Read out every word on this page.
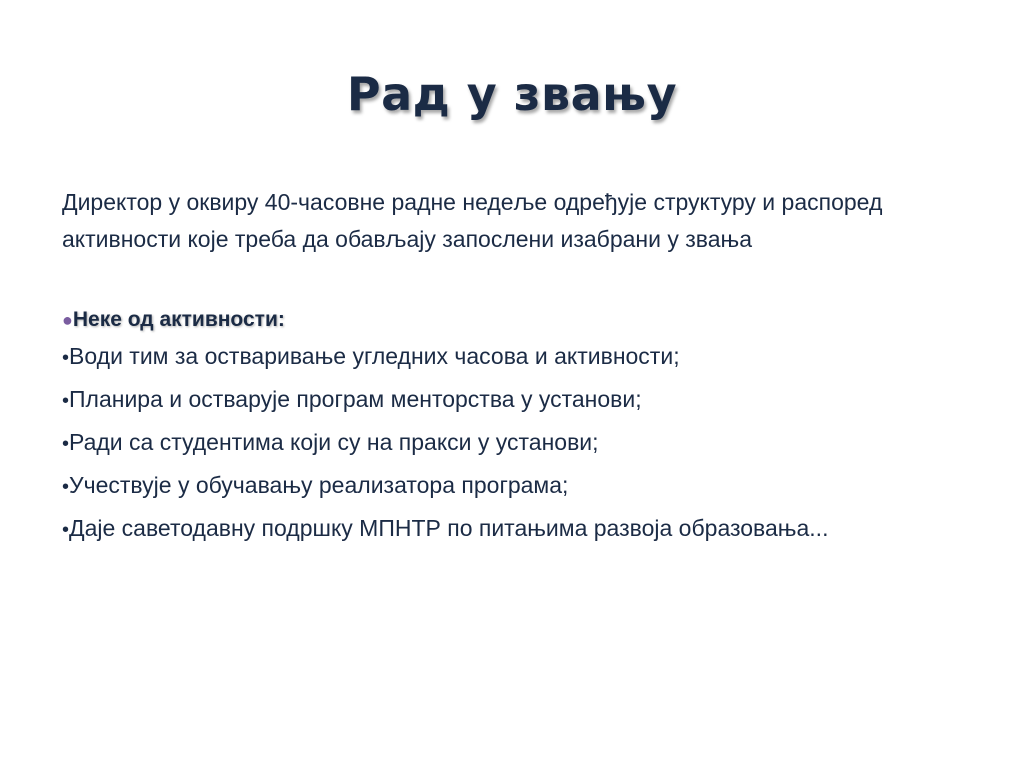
Рад у звању

Директор у оквиру 40-часовне радне недеље одређује структуру и распоред активности које треба да обављају запослени изабрани у звања

●Неке од активности:
•Води тим за остваривање угледних часова и активности;
•Планира и остварује програм менторства у установи;
•Ради са студентима који су на пракси у установи;
•Учествује у обучавању реализатора програма;
•Даје саветодавну подршку МПНТР по питањима развоја образовања...
